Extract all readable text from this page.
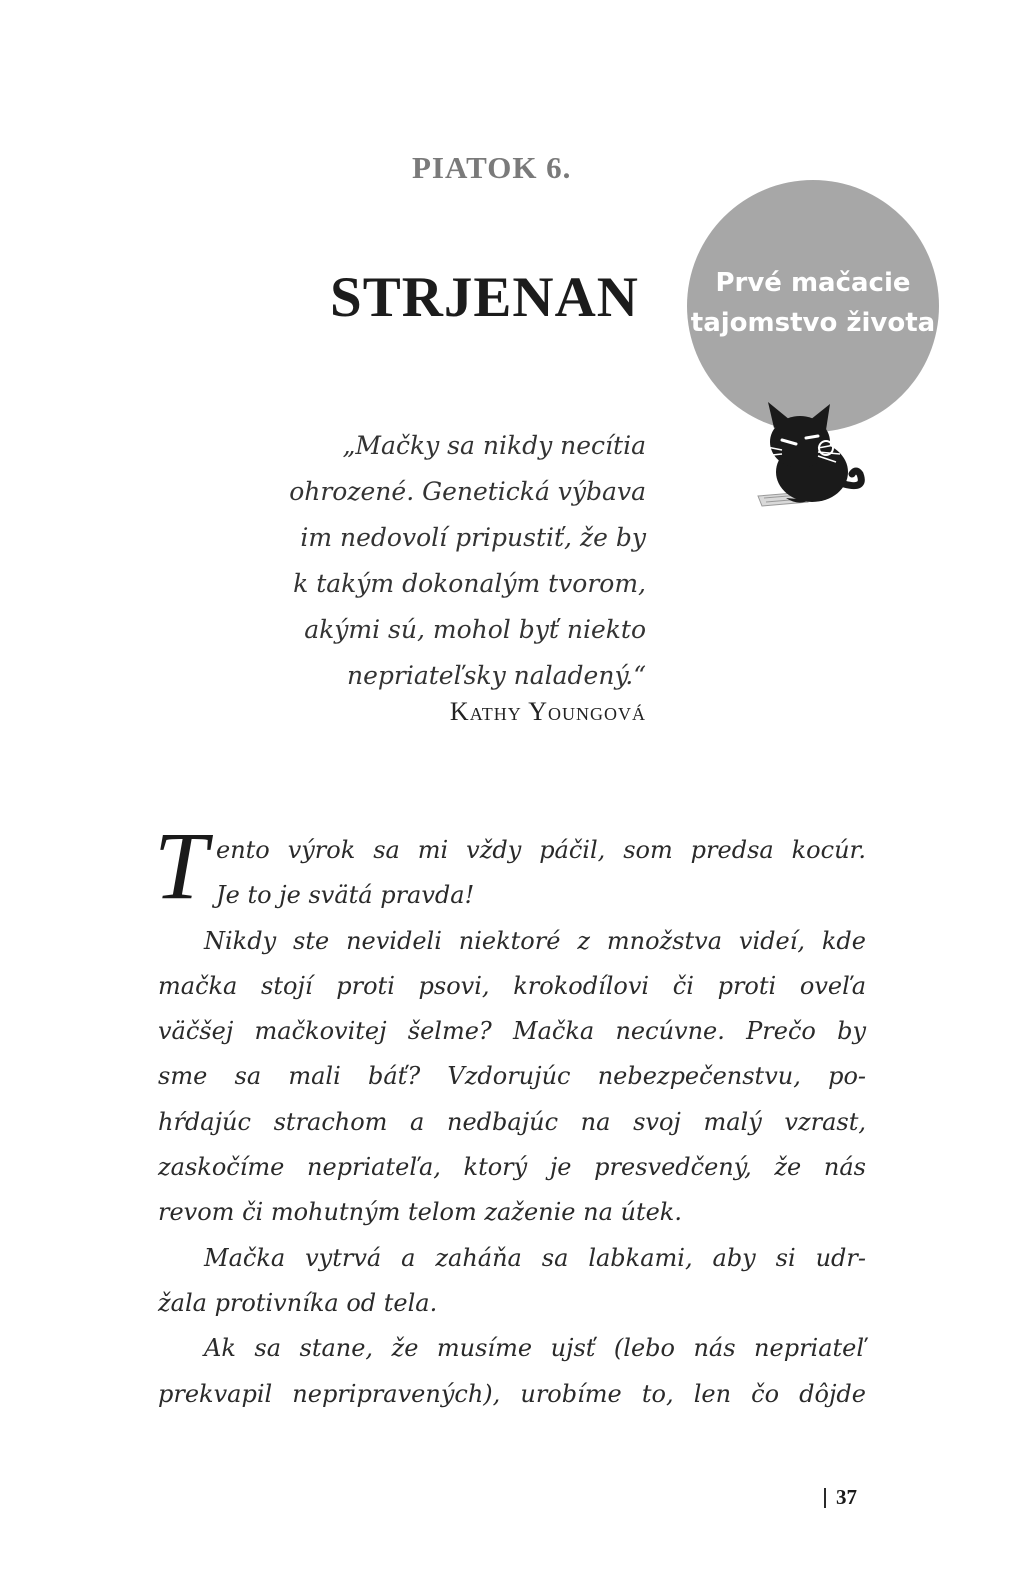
PIATOK 6.
STRJENAN	Prvé mačacie
tajomstvo života
„Mačky sa nikdy necítia
ohrozené. Genetická výbava
im nedovolí pripustiť, že by
k takým dokonalým tvorom,
akými sú, mohol byť niekto
nepriateľsky naladený.“
Kathy Youngová
T ento výrok sa mi vždy páčil, som predsa kocúr.
Je to je svätá pravda!
Nikdy ste nevideli niektoré z množstva videí, kde
mačka stojí proti psovi, krokodílovi či proti oveľa
väčšej mačkovitej šelme? Mačka necúvne. Prečo by
sme sa mali báť? Vzdorujúc nebezpečenstvu, po-
hŕdajúc strachom a nedbajúc na svoj malý vzrast,
zaskočíme nepriateľa, ktorý je presvedčený, že nás
revom či mohutným telom zaženie na útek.
Mačka vytrvá a zaháňa sa labkami, aby si udr-
žala protivníka od tela.
Ak sa stane, že musíme ujsť (lebo nás nepriateľ
prekvapil nepripravených), urobíme to, len čo dôjde
37
